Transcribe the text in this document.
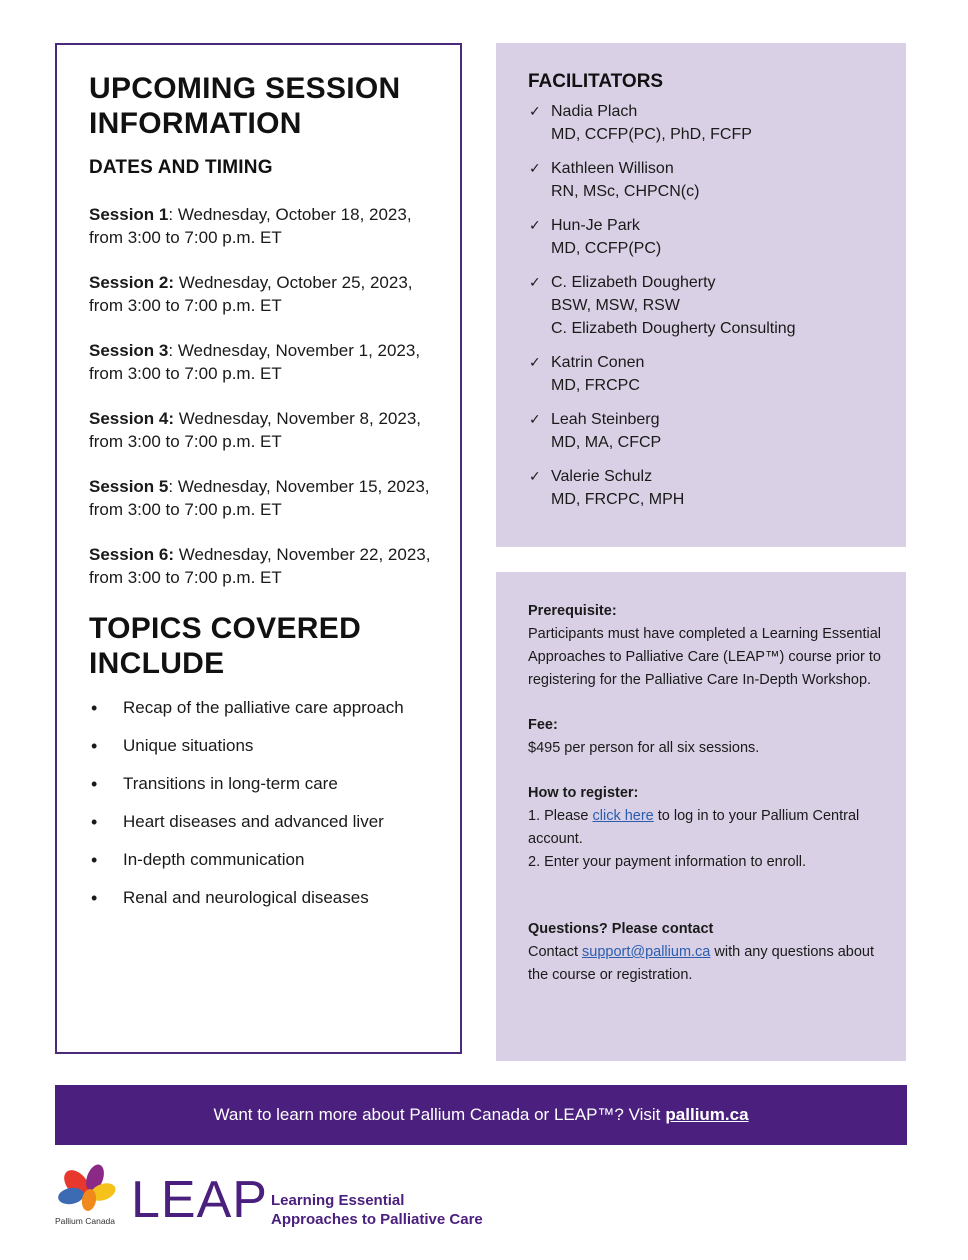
UPCOMING SESSION
INFORMATION
DATES AND TIMING
Session 1: Wednesday, October 18, 2023, from 3:00 to 7:00 p.m. ET
Session 2: Wednesday, October 25, 2023, from 3:00 to 7:00 p.m. ET
Session 3: Wednesday, November 1, 2023, from 3:00 to 7:00 p.m. ET
Session 4: Wednesday, November 8, 2023, from 3:00 to 7:00 p.m. ET
Session 5: Wednesday, November 15, 2023, from 3:00 to 7:00 p.m. ET
Session 6: Wednesday, November 22, 2023, from 3:00 to 7:00 p.m. ET
TOPICS COVERED
INCLUDE
• Recap of the palliative care approach
• Unique situations
• Transitions in long-term care
• Heart diseases and advanced liver
• In-depth communication
• Renal and neurological diseases
FACILITATORS
✓ Nadia Plach
MD, CCFP(PC), PhD, FCFP
✓ Kathleen Willison
RN, MSc, CHPCN(c)
✓ Hun-Je Park
MD, CCFP(PC)
✓ C. Elizabeth Dougherty
BSW, MSW, RSW
C. Elizabeth Dougherty Consulting
✓ Katrin Conen
MD, FRCPC
✓ Leah Steinberg
MD, MA, CFCP
✓ Valerie Schulz
MD, FRCPC, MPH
Prerequisite:
Participants must have completed a Learning Essential Approaches to Palliative Care (LEAP™) course prior to registering for the Palliative Care In-Depth Workshop.
Fee:
$495 per person for all six sessions.
How to register:
1. Please click here to log in to your Pallium Central account.
2. Enter your payment information to enroll.
Questions? Please contact
Contact support@pallium.ca with any questions about the course or registration.
Want to learn more about Pallium Canada or LEAP™? Visit pallium.ca
Pallium Canada LEAP Learning Essential
Approaches to Palliative Care
